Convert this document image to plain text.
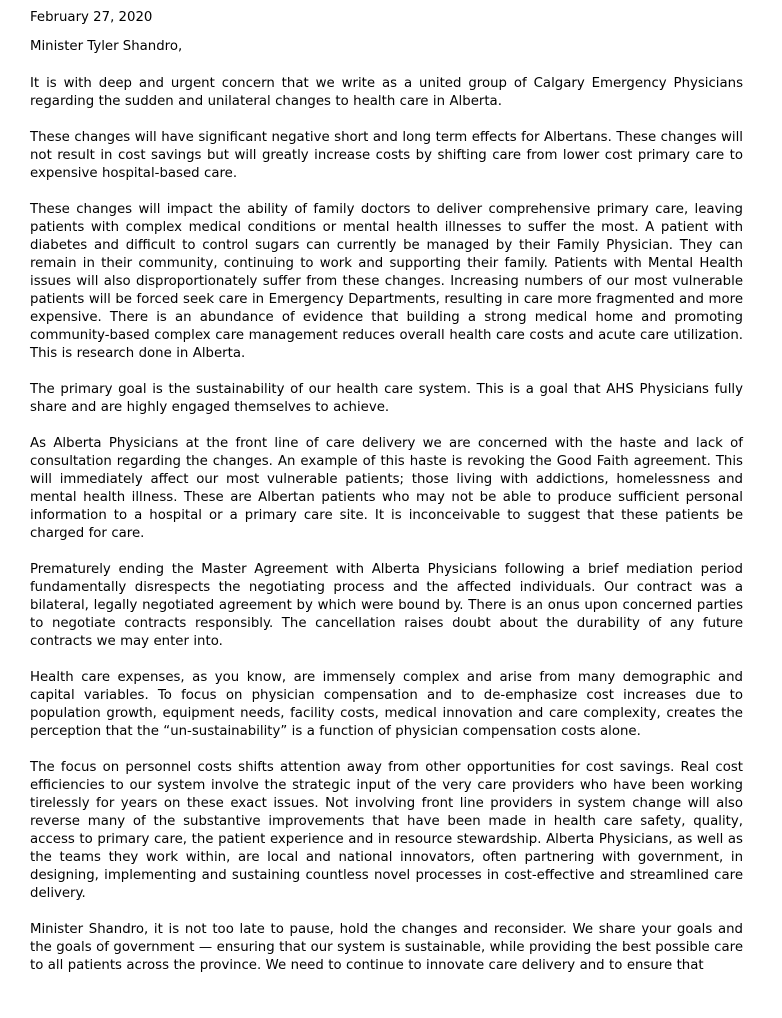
February 27, 2020

Minister Tyler Shandro,

It is with deep and urgent concern that we write as a united group of Calgary Emergency Physicians regarding the sudden and unilateral changes to health care in Alberta.

These changes will have significant negative short and long term effects for Albertans. These changes will not result in cost savings but will greatly increase costs by shifting care from lower cost primary care to expensive hospital-based care.

These changes will impact the ability of family doctors to deliver comprehensive primary care, leaving patients with complex medical conditions or mental health illnesses to suffer the most. A patient with diabetes and difficult to control sugars can currently be managed by their Family Physician. They can remain in their community, continuing to work and supporting their family. Patients with Mental Health issues will also disproportionately suffer from these changes. Increasing numbers of our most vulnerable patients will be forced seek care in Emergency Departments, resulting in care more fragmented and more expensive. There is an abundance of evidence that building a strong medical home and promoting community-based complex care management reduces overall health care costs and acute care utilization. This is research done in Alberta.

The primary goal is the sustainability of our health care system. This is a goal that AHS Physicians fully share and are highly engaged themselves to achieve.

As Alberta Physicians at the front line of care delivery we are concerned with the haste and lack of consultation regarding the changes. An example of this haste is revoking the Good Faith agreement. This will immediately affect our most vulnerable patients; those living with addictions, homelessness and mental health illness. These are Albertan patients who may not be able to produce sufficient personal information to a hospital or a primary care site. It is inconceivable to suggest that these patients be charged for care.

Prematurely ending the Master Agreement with Alberta Physicians following a brief mediation period fundamentally disrespects the negotiating process and the affected individuals. Our contract was a bilateral, legally negotiated agreement by which were bound by. There is an onus upon concerned parties to negotiate contracts responsibly. The cancellation raises doubt about the durability of any future contracts we may enter into.

Health care expenses, as you know, are immensely complex and arise from many demographic and capital variables. To focus on physician compensation and to de-emphasize cost increases due to population growth, equipment needs, facility costs, medical innovation and care complexity, creates the perception that the “un-sustainability” is a function of physician compensation costs alone.

The focus on personnel costs shifts attention away from other opportunities for cost savings. Real cost efficiencies to our system involve the strategic input of the very care providers who have been working tirelessly for years on these exact issues. Not involving front line providers in system change will also reverse many of the substantive improvements that have been made in health care safety, quality, access to primary care, the patient experience and in resource stewardship. Alberta Physicians, as well as the teams they work within, are local and national innovators, often partnering with government, in designing, implementing and sustaining countless novel processes in cost-effective and streamlined care delivery.

Minister Shandro, it is not too late to pause, hold the changes and reconsider. We share your goals and the goals of government — ensuring that our system is sustainable, while providing the best possible care to all patients across the province. We need to continue to innovate care delivery and to ensure that
